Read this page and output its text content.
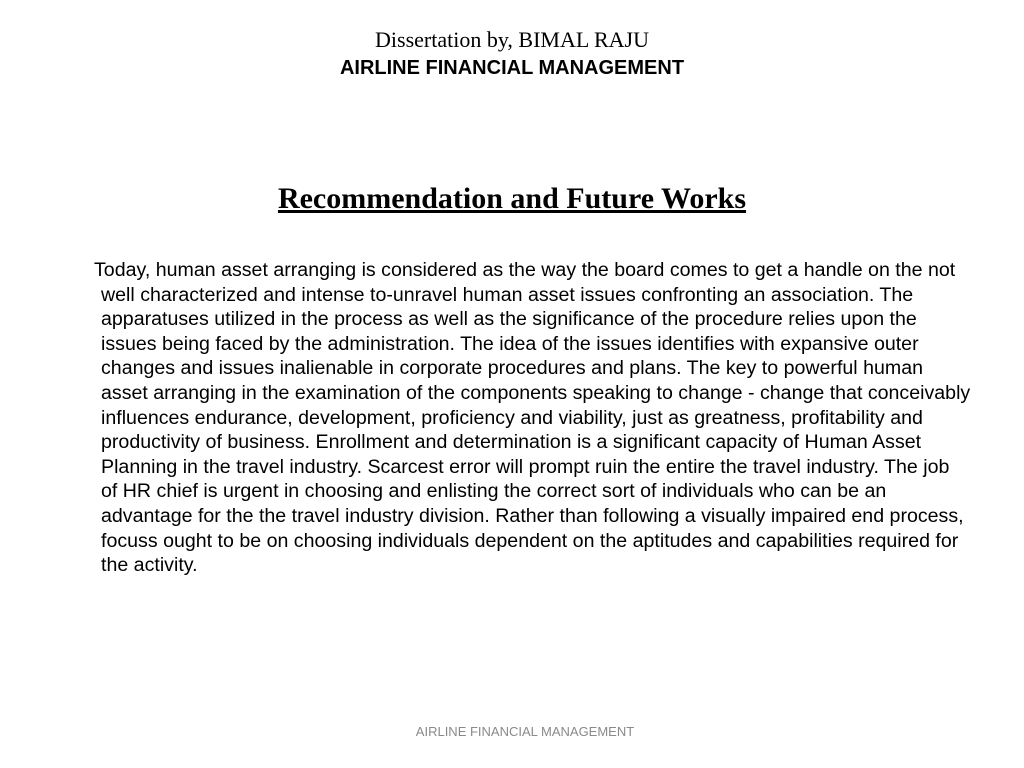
Dissertation by, BIMAL RAJU
AIRLINE FINANCIAL MANAGEMENT
Recommendation and Future Works

Today, human asset arranging is considered as the way the board comes to get a handle on the not well characterized and intense to-unravel human asset issues confronting an association. The apparatuses utilized in the process as well as the significance of the procedure relies upon the issues being faced by the administration. The idea of the issues identifies with expansive outer changes and issues inalienable in corporate procedures and plans. The key to powerful human asset arranging in the examination of the components speaking to change - change that conceivably influences endurance, development, proficiency and viability, just as greatness, profitability and productivity of business. Enrollment and determination is a significant capacity of Human Asset Planning in the travel industry. Scarcest error will prompt ruin the entire the travel industry. The job of HR chief is urgent in choosing and enlisting the correct sort of individuals who can be an advantage for the the travel industry division. Rather than following a visually impaired end process, focuss ought to be on choosing individuals dependent on the aptitudes and capabilities required for the activity.

AIRLINE FINANCIAL MANAGEMENT
